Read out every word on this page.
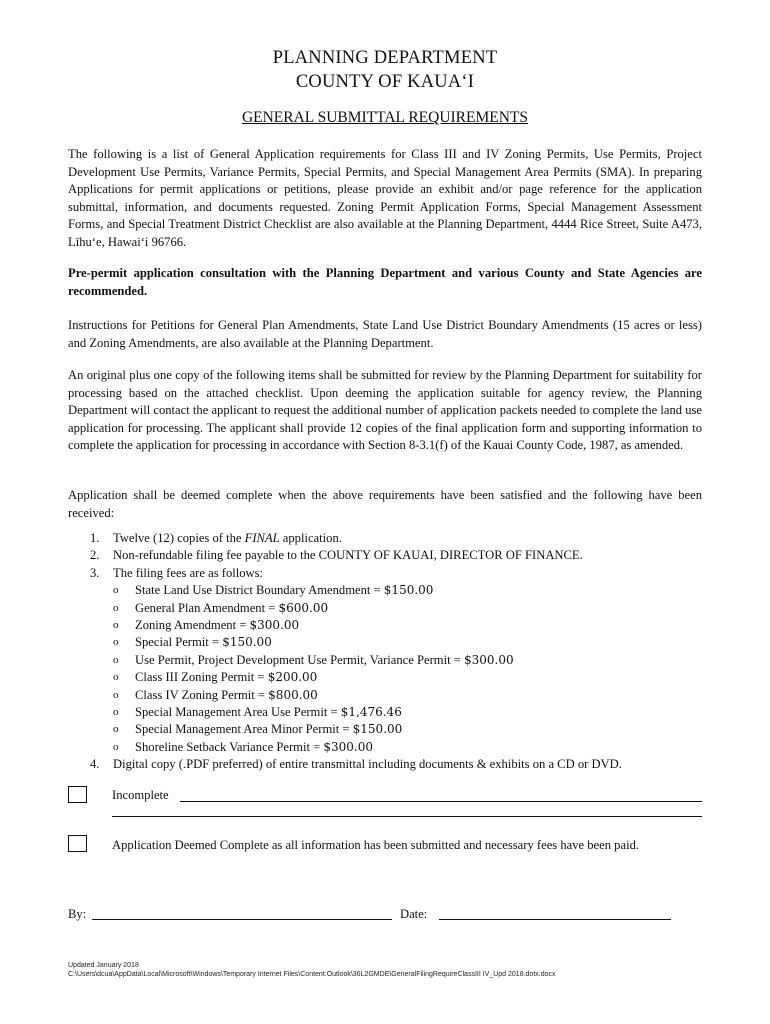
PLANNING DEPARTMENT
COUNTY OF KAUA‘I
GENERAL SUBMITTAL REQUIREMENTS
The following is a list of General Application requirements for Class III and IV Zoning Permits, Use Permits, Project Development Use Permits, Variance Permits, Special Permits, and Special Management Area Permits (SMA). In preparing Applications for permit applications or petitions, please provide an exhibit and/or page reference for the application submittal, information, and documents requested. Zoning Permit Application Forms, Special Management Assessment Forms, and Special Treatment District Checklist are also available at the Planning Department, 4444 Rice Street, Suite A473, Līhu‘e, Hawai‘i 96766.
Pre-permit application consultation with the Planning Department and various County and State Agencies are recommended.
Instructions for Petitions for General Plan Amendments, State Land Use District Boundary Amendments (15 acres or less) and Zoning Amendments, are also available at the Planning Department.
An original plus one copy of the following items shall be submitted for review by the Planning Department for suitability for processing based on the attached checklist. Upon deeming the application suitable for agency review, the Planning Department will contact the applicant to request the additional number of application packets needed to complete the land use application for processing. The applicant shall provide 12 copies of the final application form and supporting information to complete the application for processing in accordance with Section 8-3.1(f) of the Kauai County Code, 1987, as amended.
Application shall be deemed complete when the above requirements have been satisfied and the following have been received:
1. Twelve (12) copies of the FINAL application.
2. Non-refundable filing fee payable to the COUNTY OF KAUAI, DIRECTOR OF FINANCE.
3. The filing fees are as follows:
o State Land Use District Boundary Amendment = $150.00
o General Plan Amendment = $600.00
o Zoning Amendment = $300.00
o Special Permit = $150.00
o Use Permit, Project Development Use Permit, Variance Permit = $300.00
o Class III Zoning Permit = $200.00
o Class IV Zoning Permit = $800.00
o Special Management Area Use Permit = $1,476.46
o Special Management Area Minor Permit = $150.00
o Shoreline Setback Variance Permit = $300.00
4. Digital copy (.PDF preferred) of entire transmittal including documents & exhibits on a CD or DVD.
Incomplete
Application Deemed Complete as all information has been submitted and necessary fees have been paid.
By:	Date:
Updated January 2018
C:\Users\dcua\AppData\Local\Microsoft\Windows\Temporary Internet Files\Content.Outlook\36L2GMDE\GeneralFilingRequireClassIII IV_Upd 2018.dotx.docx
